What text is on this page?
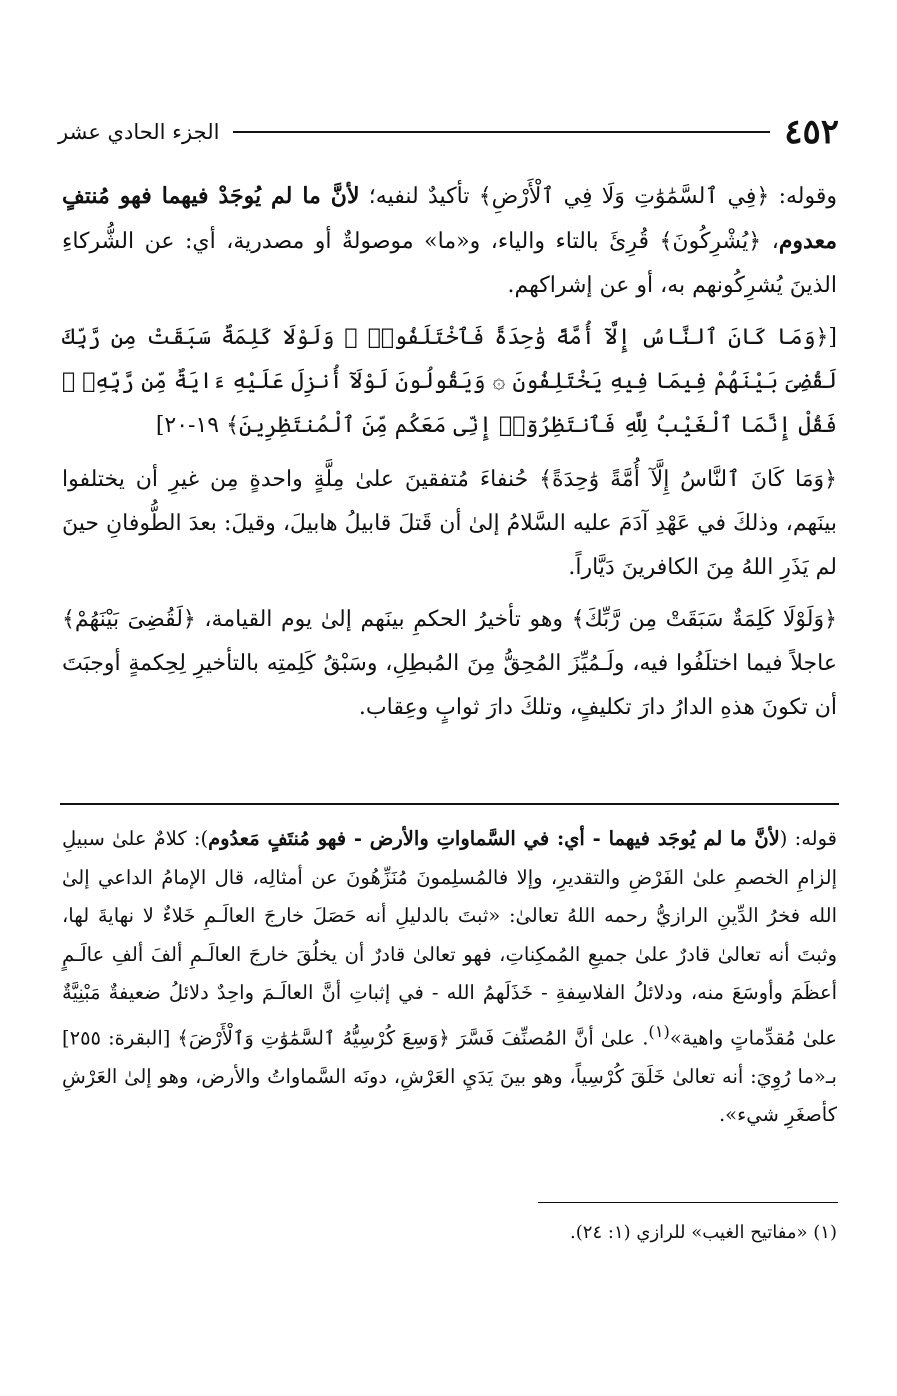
٤٥٢
الجزء الحادي عشر

وقوله: ﴿فِي ٱلسَّمَٰوَٰتِ وَلَا فِي ٱلْأَرْضِ﴾ تأكيدٌ لنفيه؛ لأنَّ ما لم يُوجَدْ فيهما فهو مُنتفٍ معدوم، ﴿يُشْرِكُونَ﴾ قُرِئَ بالتاء والياء، و«ما» موصولةٌ أو مصدرية، أي: عن الشُّركاءِ الذينَ يُشرِكُونهم به، أو عن إشراكهم.

[﴿وَمَا كَانَ ٱلنَّاسُ إِلَّآ أُمَّةً وَٰحِدَةً فَٱخْتَلَفُوا۟ ۚ وَلَوْلَا كَلِمَةٌ سَبَقَتْ مِن رَّبِّكَ لَقُضِىَ بَيْنَهُمْ فِيمَا فِيهِ يَخْتَلِفُونَ ۞ وَيَقُولُونَ لَوْلَآ أُنزِلَ عَلَيْهِ ءَايَةٌ مِّن رَّبِّهِۦ ۖ فَقُلْ إِنَّمَا ٱلْغَيْبُ لِلَّهِ فَٱنتَظِرُوٓا۟ إِنِّى مَعَكُم مِّنَ ٱلْمُنتَظِرِينَ﴾ ١٩-٢٠]

﴿وَمَا كَانَ ٱلنَّاسُ إِلَّآ أُمَّةً وَٰحِدَةً﴾ حُنفاءَ مُتفقينَ علىٰ مِلَّةٍ واحدةٍ مِن غيرِ أن يختلفوا بينَهم، وذلكَ في عَهْدِ آدَمَ عليه السَّلامُ إلىٰ أن قَتلَ قابيلُ هابيلَ، وقيلَ: بعدَ الطُّوفانِ حينَ لم يَذَرِ اللهُ مِنَ الكافرينَ دَيَّاراً.

﴿وَلَوْلَا كَلِمَةٌ سَبَقَتْ مِن رَّبِّكَ﴾ وهو تأخيرُ الحكمِ بينَهم إلىٰ يوم القيامة، ﴿لَقُضِىَ بَيْنَهُمْ﴾ عاجلاً فيما اختلَفُوا فيه، ولَـمُيِّزَ المُحِقُّ مِنَ المُبطِلِ، وسَبْقُ كَلِمتِه بالتأخيرِ لِحِكمةٍ أوجبَتَ أن تكونَ هذهِ الدارُ دارَ تكليفٍ، وتلكَ دارَ ثوابٍ وعِقاب.

قوله: (لأنَّ ما لم يُوجَد فيهما - أي: في السَّماواتِ والأرض - فهو مُنتَفٍ مَعدُوم): كلامٌ علىٰ سبيلِ إلزامِ الخصمِ علىٰ الفَرْضِ والتقديرِ، وإلا فالمُسلِمونَ مُنَزِّهُونَ عن أمثالِه، قال الإمامُ الداعي إلىٰ الله فخرُ الدِّينِ الرازيُّ رحمه اللهُ تعالىٰ: «ثبتَ بالدليلِ أنه حَصَلَ خارجَ العالَـمِ خَلاءٌ لا نهايةَ لها، وثبتَ أنه تعالىٰ قادرٌ علىٰ جميعِ المُمكِناتِ، فهو تعالىٰ قادرٌ أن يخلُقَ خارجَ العالَـمِ ألفَ ألفِ عالَـمٍ أعظَمَ وأوسَعَ منه، ودلائلُ الفلاسِفةِ - خَذَلَهمُ الله - في إثباتِ أنَّ العالَـمَ واحِدٌ دلائلُ ضعيفةٌ مَبْنِيَّةٌ علىٰ مُقدِّماتٍ واهية»$^{(١)}$. علىٰ أنَّ المُصنِّفَ فَسَّرَ ﴿وَسِعَ كُرْسِيُّهُ ٱلسَّمَٰوَٰتِ وَٱلْأَرْضَ﴾ [البقرة: ٢٥٥] بـ«ما رُوِيَ: أنه تعالىٰ خَلَقَ كُرْسِياً، وهو بينَ يَدَيِ العَرْشِ، دونَه السَّماواتُ والأرض، وهو إلىٰ العَرْشِ كأصغَرِ شيء».

(١) «مفاتيح الغيب» للرازي (١: ٢٤).
